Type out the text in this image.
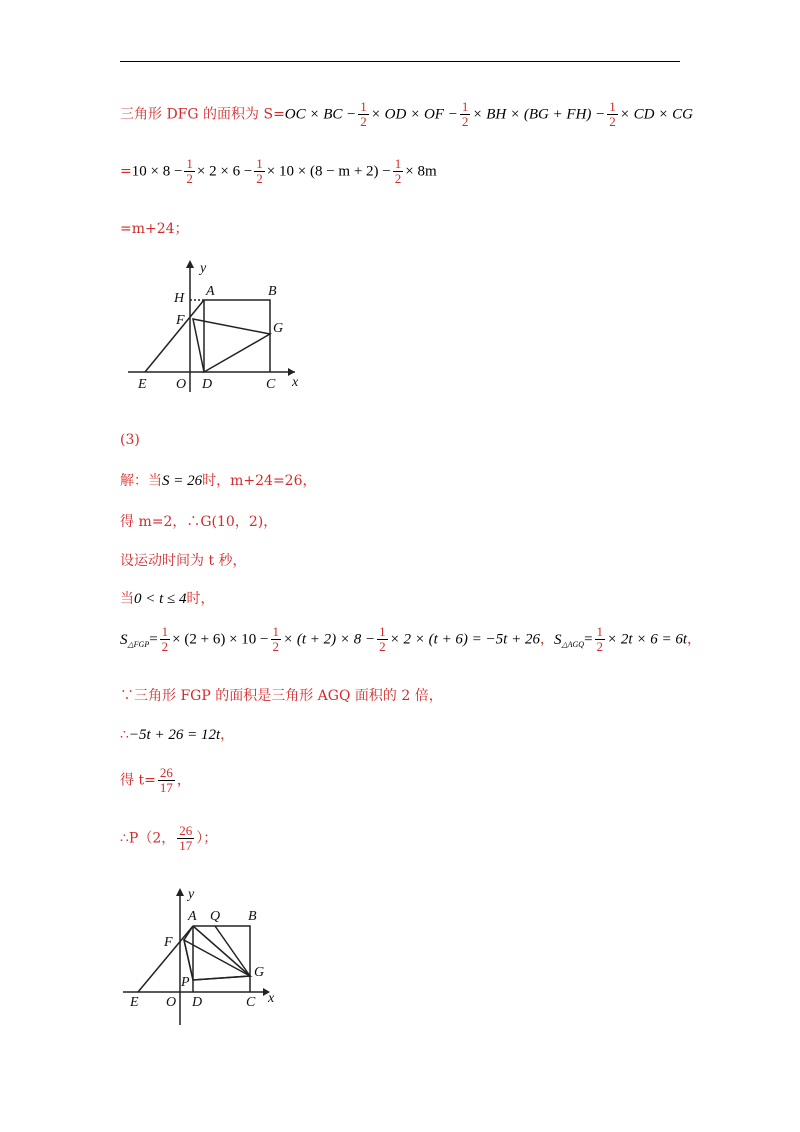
三角形 DFG 的面积为 S=OC × BC − $\frac{1}{2}$ × OD × OF − $\frac{1}{2}$ × BH × $(BG + FH) - \frac{1}{2}$ × CD × CG
$=10 \times 8 - \frac{1}{2} \times 2 \times 6 - \frac{1}{2} \times 10 \times (8 - m + 2) - \frac{1}{2} \times 8m$
=m+24；
y
x
H A	B
F
G
E O D	C
(3)
解：当S = 26时，m+24=26，
得 m=2，∴G(10，2)，
设运动时间为 t 秒，
当0 < t ≤ 4时，
$S_{\triangle FGP}= \frac{1}{2} \times (2 + 6) \times 10 - \frac{1}{2} \times (t + 2) \times 8 - \frac{1}{2} \times 2 \times (t + 6) = -5t + 26$，$S_{\triangle AGQ}= \frac{1}{2} \times 2t \times 6 = 6t$，
∵三角形 FGP 的面积是三角形 AGQ 面积的 2 倍，
∴−5t + 26 = 12t，
得 $t= \frac{26}{17}$ ，
∴P（2， $\frac{26}{17}$ ）；
y
x
A Q B
F
G
P
E O D	C
